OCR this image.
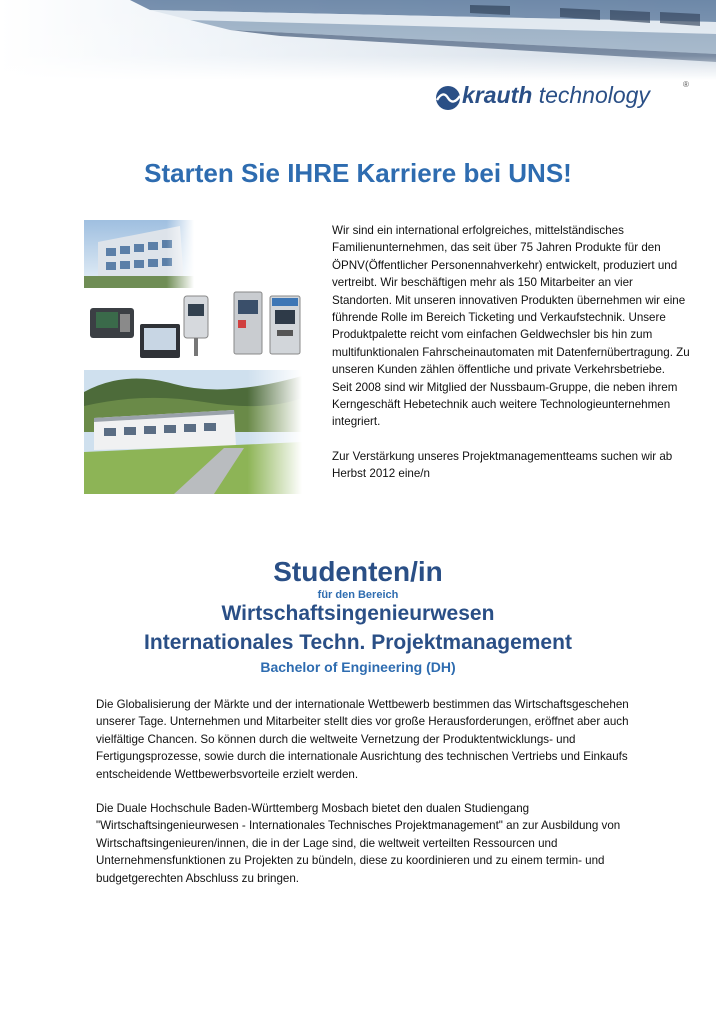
krauth technology	®
Starten Sie IHRE Karriere bei UNS!

Wir sind ein international erfolgreiches, mittelständisches Familienunternehmen, das seit über 75 Jahren Produkte für den ÖPNV(Öffentlicher Personennahverkehr) entwickelt, produziert und vertreibt. Wir beschäftigen mehr als 150 Mitarbeiter an vier Standorten. Mit unseren innovativen Produkten übernehmen wir eine führende Rolle im Bereich Ticketing und Verkaufstechnik. Unsere Produktpalette reicht vom einfachen Geldwechsler bis hin zum multifunktionalen Fahrscheinautomaten mit Datenfernübertragung. Zu unseren Kunden zählen öffentliche und private Verkehrsbetriebe.

Seit 2008 sind wir Mitglied der Nussbaum-Gruppe, die neben ihrem Kerngeschäft Hebetechnik auch weitere Technologieunternehmen integriert.

Zur Verstärkung unseres Projektmanagementteams suchen wir ab Herbst 2012 eine/n

Studenten/in
für den Bereich
Wirtschaftsingenieurwesen
Internationales Techn. Projektmanagement
Bachelor of Engineering (DH)

Die Globalisierung der Märkte und der internationale Wettbewerb bestimmen das Wirtschaftsgeschehen unserer Tage. Unternehmen und Mitarbeiter stellt dies vor große Herausforderungen, eröffnet aber auch vielfältige Chancen. So können durch die weltweite Vernetzung der Produktentwicklungs- und Fertigungsprozesse, sowie durch die internationale Ausrichtung des technischen Vertriebs und Einkaufs entscheidende Wettbewerbsvorteile erzielt werden.

Die Duale Hochschule Baden-Württemberg Mosbach bietet den dualen Studiengang "Wirtschaftsingenieurwesen - Internationales Technisches Projektmanagement" an zur Ausbildung von Wirtschaftsingenieuren/innen, die in der Lage sind, die weltweit verteilten Ressourcen und Unternehmensfunktionen zu Projekten zu bündeln, diese zu koordinieren und zu einem termin- und budgetgerechten Abschluss zu bringen.
